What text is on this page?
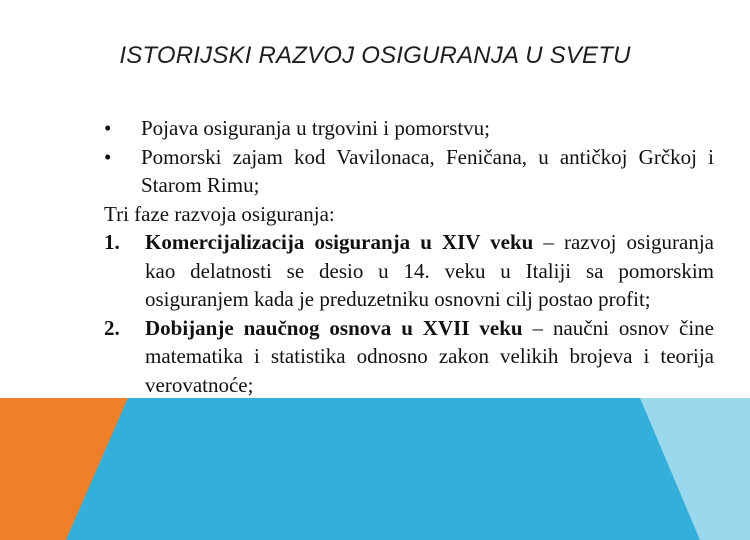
ISTORIJSKI RAZVOJ OSIGURANJA U SVETU
• Pojava osiguranja u trgovini i pomorstvu;
• Pomorski zajam kod Vavilonaca, Feničana, u antičkoj Grčkoj i Starom Rimu;
Tri faze razvoja osiguranja:
1. Komercijalizacija osiguranja u XIV veku – razvoj osiguranja kao delatnosti se desio u 14. veku u Italiji sa pomorskim osiguranjem kada je preduzetniku osnovni cilj postao profit;
2. Dobijanje naučnog osnova u XVII veku – naučni osnov čine matematika i statistika odnosno zakon velikih brojeva i teorija verovatnoće;
